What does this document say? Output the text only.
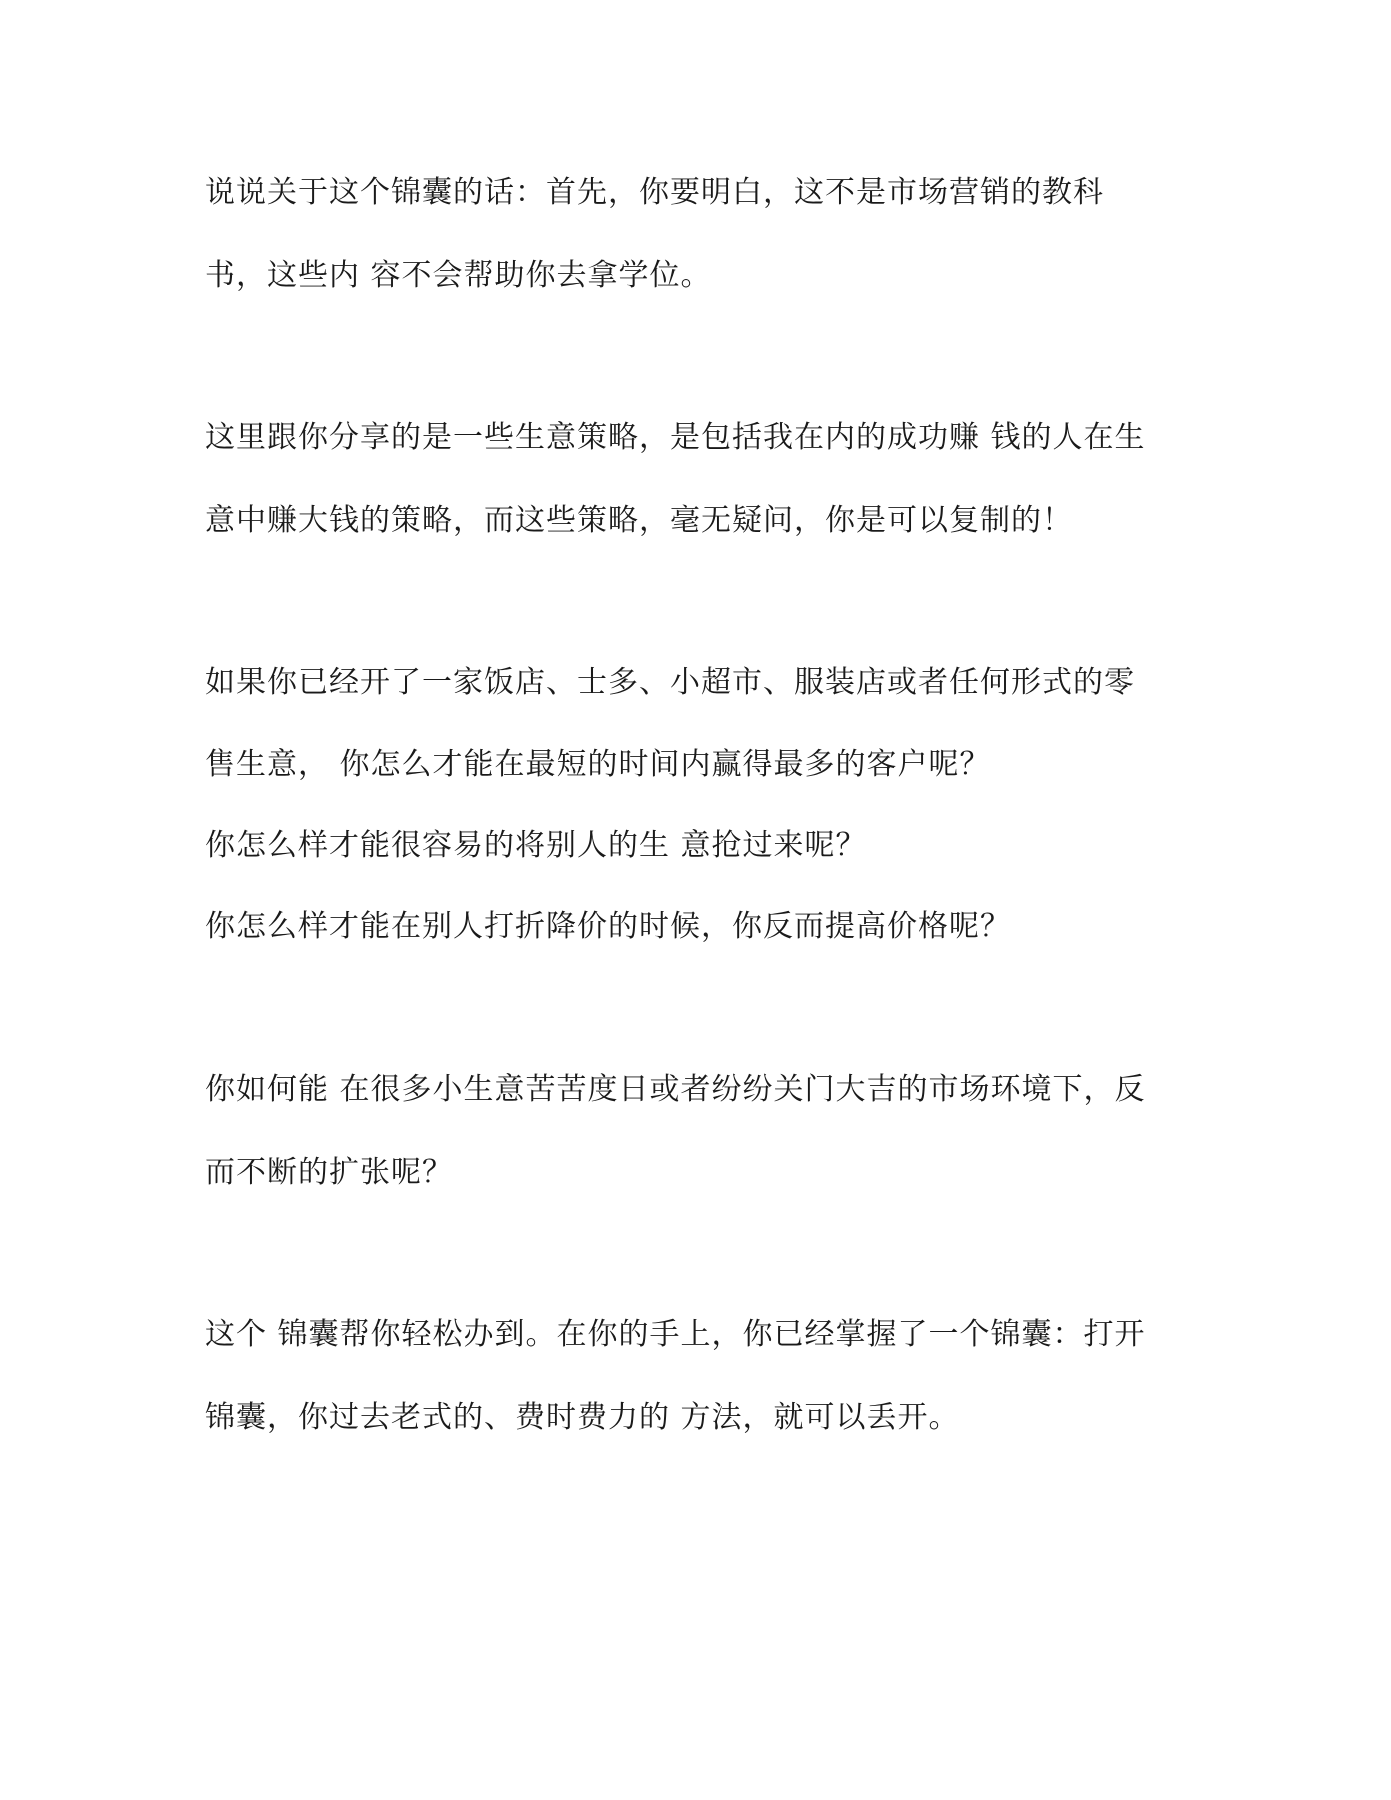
说说关于这个锦囊的话：首先，你要明白，这不是市场营销的教科
书，这些内 容不会帮助你去拿学位。
这里跟你分享的是一些生意策略，是包括我在内的成功赚 钱的人在生
意中赚大钱的策略，而这些策略，毫无疑问，你是可以复制的！
如果你已经开了一家饭店、士多、小超市、服装店或者任何形式的零
售生意， 你怎么才能在最短的时间内赢得最多的客户呢？
你怎么样才能很容易的将别人的生 意抢过来呢？
你怎么样才能在别人打折降价的时候，你反而提高价格呢？
你如何能 在很多小生意苦苦度日或者纷纷关门大吉的市场环境下，反
而不断的扩张呢？
这个 锦囊帮你轻松办到。在你的手上，你已经掌握了一个锦囊：打开
锦囊，你过去老式的、费时费力的 方法，就可以丢开。
